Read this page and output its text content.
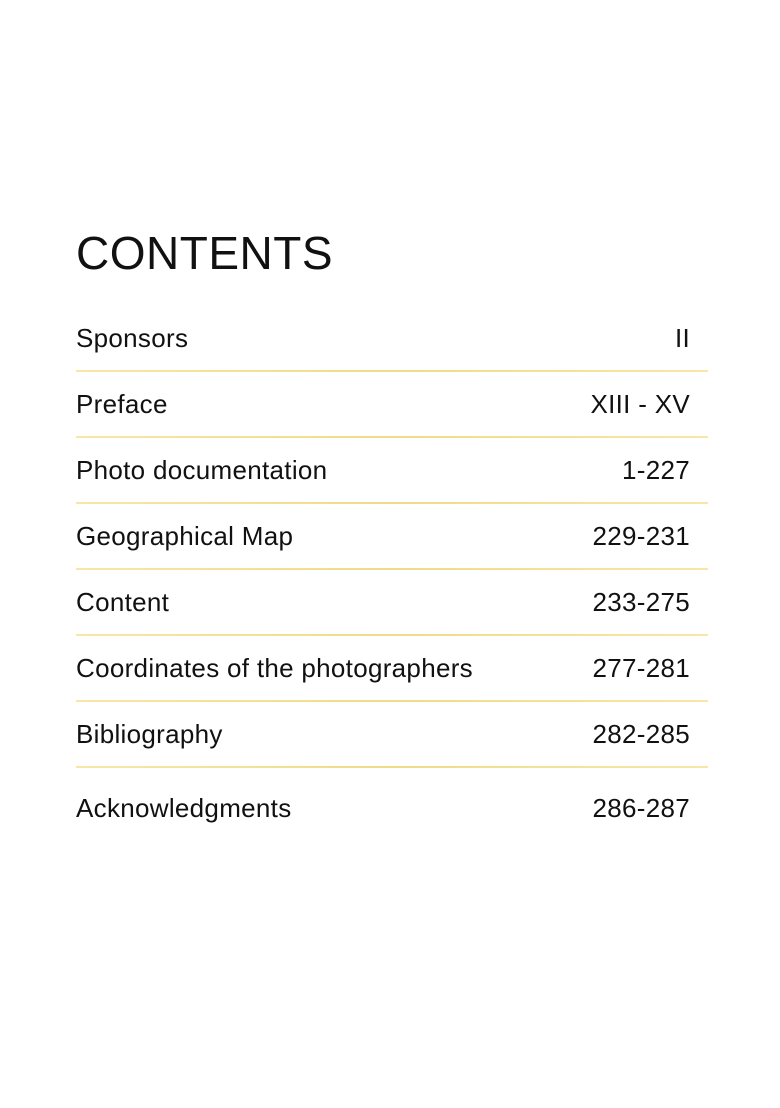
CONTENTS
Sponsors	II
Preface	XIII - XV
Photo documentation	1-227
Geographical Map	229-231
Content	233-275
Coordinates of the photographers	277-281
Bibliography	282-285
Acknowledgments	286-287
